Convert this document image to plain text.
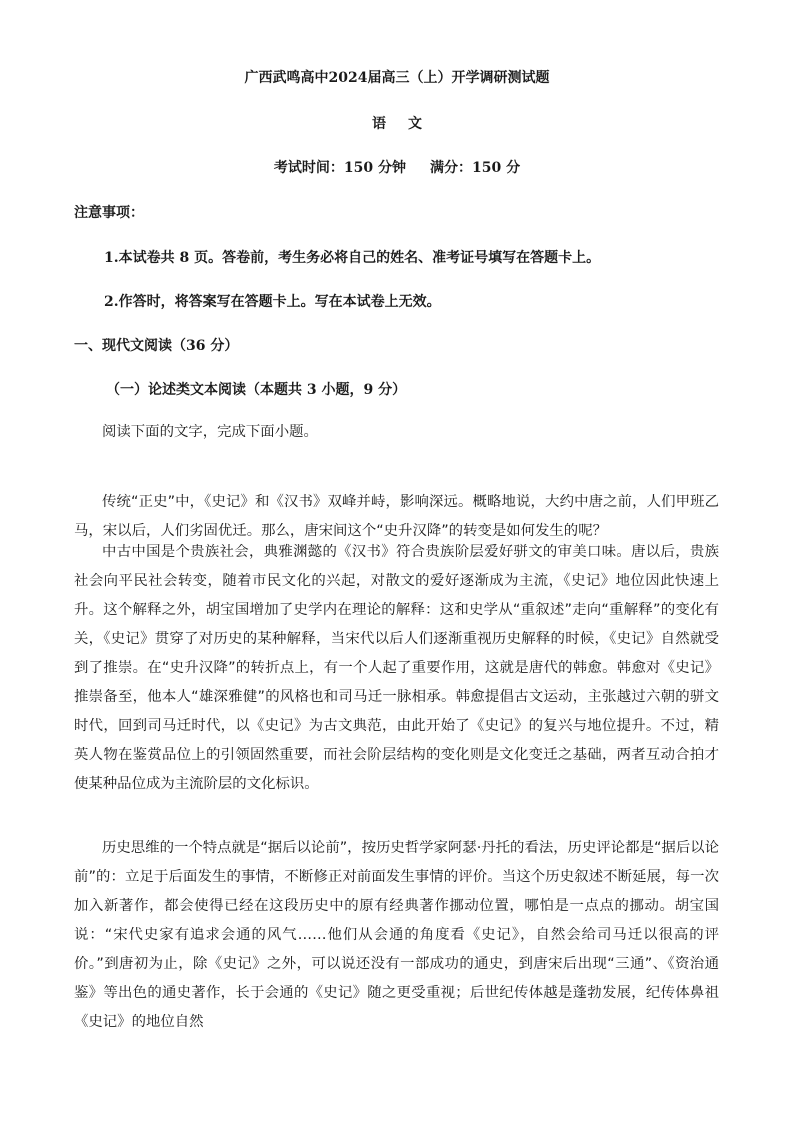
广西武鸣高中2024届高三（上）开学调研测试题
语文
考试时间：150 分钟 满分：150 分
注意事项：
1.本试卷共 8 页。答卷前，考生务必将自己的姓名、准考证号填写在答题卡上。
2.作答时，将答案写在答题卡上。写在本试卷上无效。
一、现代文阅读（36 分）
（一）论述类文本阅读（本题共 3 小题，9 分）

阅读下面的文字，完成下面小题。

传统“正史”中，《史记》和《汉书》双峰并峙，影响深远。概略地说，大约中唐之前，人们甲班乙马，宋以后，人们劣固优迁。那么，唐宋间这个“史升汉降”的转变是如何发生的呢？

中古中国是个贵族社会，典雅渊懿的《汉书》符合贵族阶层爱好骈文的审美口味。唐以后，贵族社会向平民社会转变，随着市民文化的兴起，对散文的爱好逐渐成为主流，《史记》地位因此快速上升。这个解释之外，胡宝国增加了史学内在理论的解释：这和史学从“重叙述”走向“重解释”的变化有关，《史记》贯穿了对历史的某种解释，当宋代以后人们逐渐重视历史解释的时候，《史记》自然就受到了推崇。在“史升汉降”的转折点上，有一个人起了重要作用，这就是唐代的韩愈。韩愈对《史记》推崇备至，他本人“雄深雅健”的风格也和司马迁一脉相承。韩愈提倡古文运动，主张越过六朝的骈文时代，回到司马迁时代，以《史记》为古文典范，由此开始了《史记》的复兴与地位提升。不过，精英人物在鉴赏品位上的引领固然重要，而社会阶层结构的变化则是文化变迁之基础，两者互动合拍才使某种品位成为主流阶层的文化标识。

历史思维的一个特点就是“据后以论前”，按历史哲学家阿瑟·丹托的看法，历史评论都是“据后以论前”的：立足于后面发生的事情，不断修正对前面发生事情的评价。当这个历史叙述不断延展，每一次加入新著作，都会使得已经在这段历史中的原有经典著作挪动位置，哪怕是一点点的挪动。胡宝国说：“宋代史家有追求会通的风气……他们从会通的角度看《史记》，自然会给司马迁以很高的评价。”到唐初为止，除《史记》之外，可以说还没有一部成功的通史，到唐宋后出现“三通”、《资治通鉴》等出色的通史著作，长于会通的《史记》随之更受重视；后世纪传体越是蓬勃发展，纪传体鼻祖《史记》的地位自然
